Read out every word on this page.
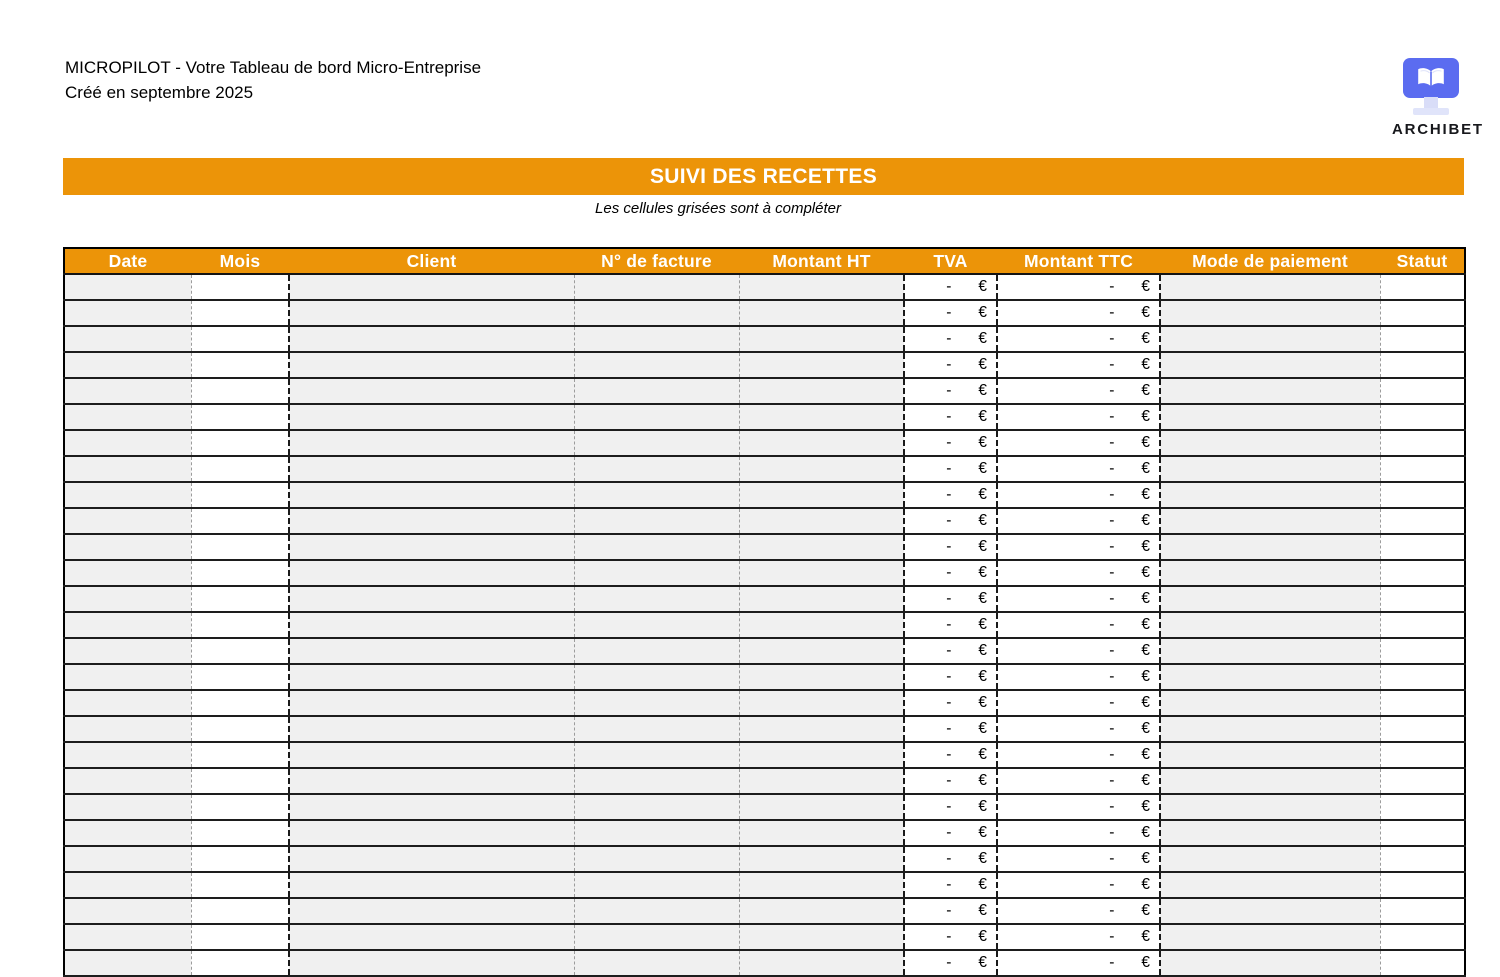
MICROPILOT - Votre Tableau de bord Micro-Entreprise
Créé en septembre 2025
ARCHIBET
SUIVI DES RECETTES
Les cellules grisées sont à compléter
Date	Mois	Client	N° de facture	Montant HT	TVA	Montant TTC	Mode de paiement	Statut

					- €	- €		

					- €	- €		

					- €	- €		

					- €	- €		

					- €	- €		

					- €	- €		

					- €	- €		

					- €	- €		

					- €	- €		

					- €	- €		

					- €	- €		

					- €	- €		

					- €	- €		

					- €	- €		

					- €	- €		

					- €	- €		

					- €	- €		

					- €	- €		

					- €	- €		

					- €	- €		

					- €	- €		

					- €	- €		

					- €	- €		

					- €	- €		

					- €	- €		

					- €	- €		

					- €	- €		
